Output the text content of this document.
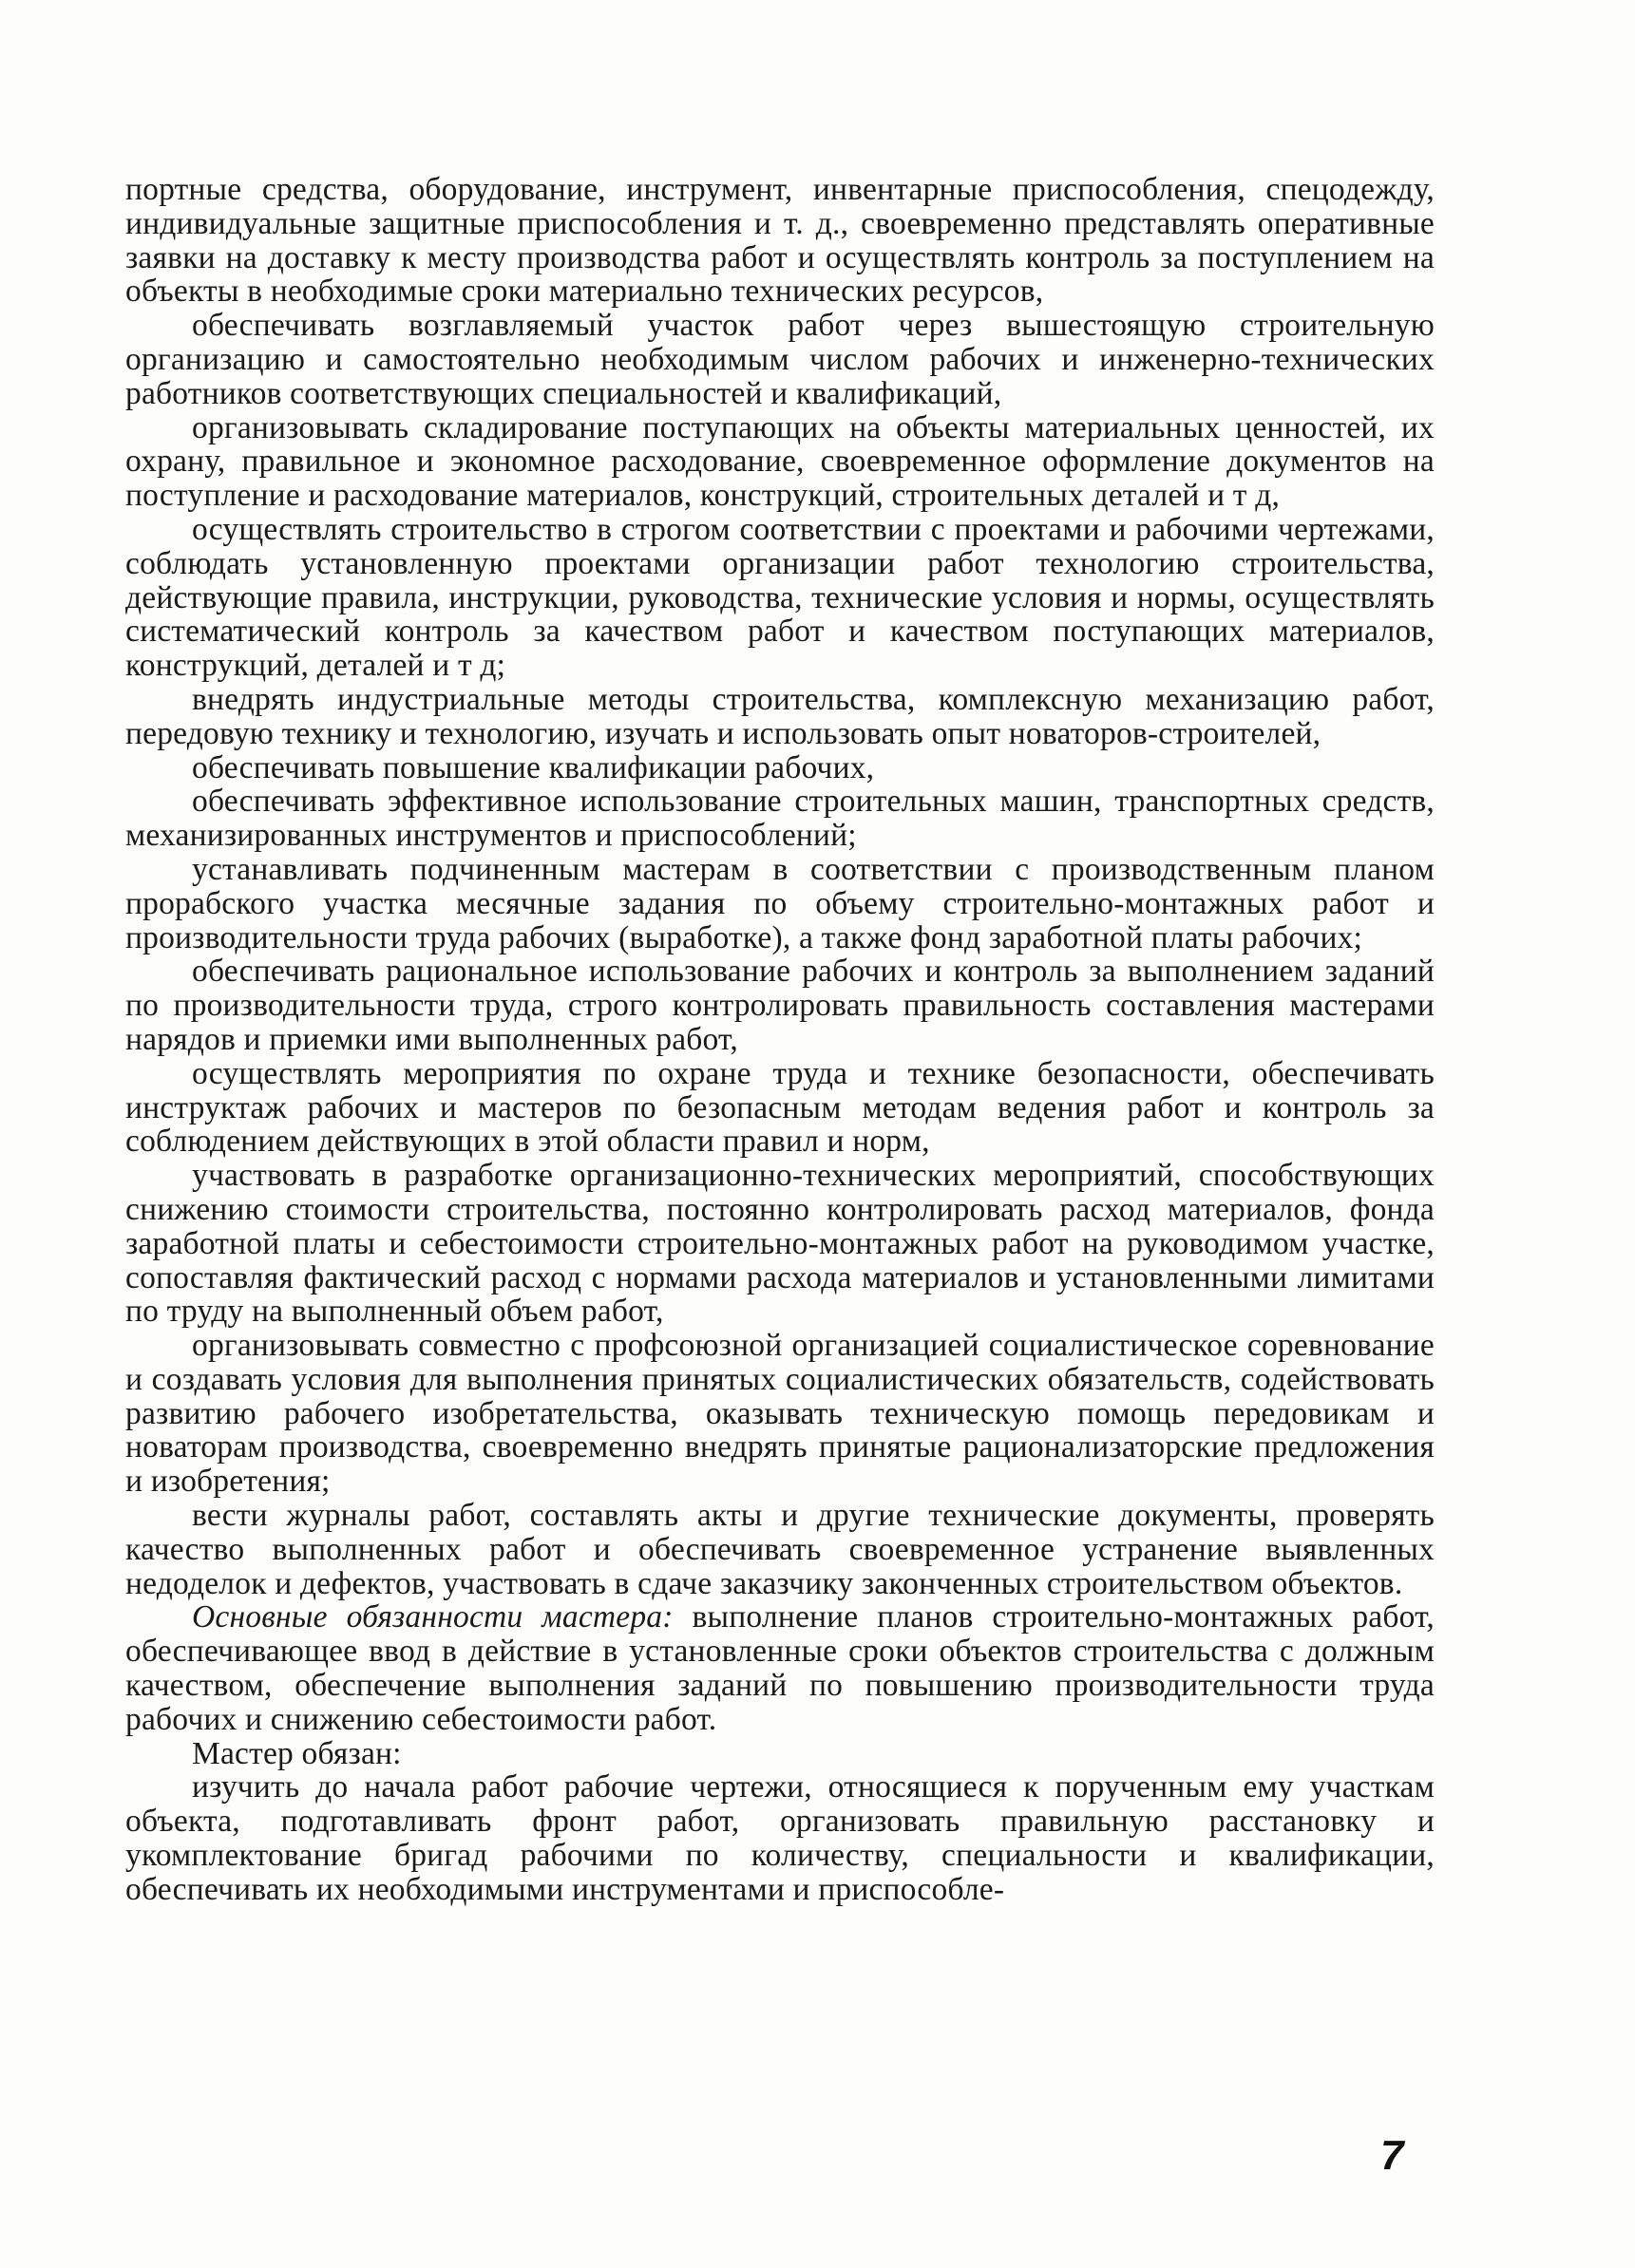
портные средства, оборудование, инструмент, инвентарные приспособления, спецодежду, индивидуальные защитные приспособления и т. д., своевременно представлять оперативные заявки на доставку к месту производства работ и осуществлять контроль за поступлением на объекты в необходимые сроки материально технических ресурсов,

обеспечивать возглавляемый участок работ через вышестоящую строительную организацию и самостоятельно необходимым числом рабочих и инженерно-технических работников соответствующих специальностей и квалификаций,

организовывать складирование поступающих на объекты материальных ценностей, их охрану, правильное и экономное расходование, своевременное оформление документов на поступление и расходование материалов, конструкций, строительных деталей и т д,

осуществлять строительство в строгом соответствии с проектами и рабочими чертежами, соблюдать установленную проектами организации работ технологию строительства, действующие правила, инструкции, руководства, технические условия и нормы, осуществлять систематический контроль за качеством работ и качеством поступающих материалов, конструкций, деталей и т д;

внедрять индустриальные методы строительства, комплексную механизацию работ, передовую технику и технологию, изучать и использовать опыт новаторов-строителей,

обеспечивать повышение квалификации рабочих,

обеспечивать эффективное использование строительных машин, транспортных средств, механизированных инструментов и приспособлений;

устанавливать подчиненным мастерам в соответствии с производственным планом прорабского участка месячные задания по объему строительно-монтажных работ и производительности труда рабочих (выработке), а также фонд заработной платы рабочих;

обеспечивать рациональное использование рабочих и контроль за выполнением заданий по производительности труда, строго контролировать правильность составления мастерами нарядов и приемки ими выполненных работ,

осуществлять мероприятия по охране труда и технике безопасности, обеспечивать инструктаж рабочих и мастеров по безопасным методам ведения работ и контроль за соблюдением действующих в этой области правил и норм,

участвовать в разработке организационно-технических мероприятий, способствующих снижению стоимости строительства, постоянно контролировать расход материалов, фонда заработной платы и себестоимости строительно-монтажных работ на руководимом участке, сопоставляя фактический расход с нормами расхода материалов и установленными лимитами по труду на выполненный объем работ,

организовывать совместно с профсоюзной организацией социалистическое соревнование и создавать условия для выполнения принятых социалистических обязательств, содействовать развитию рабочего изобретательства, оказывать техническую помощь передовикам и новаторам производства, своевременно внедрять принятые рационализаторские предложения и изобретения;

вести журналы работ, составлять акты и другие технические документы, проверять качество выполненных работ и обеспечивать своевременное устранение выявленных недоделок и дефектов, участвовать в сдаче заказчику законченных строительством объектов.

Основные обязанности мастера: выполнение планов строительно-монтажных работ, обеспечивающее ввод в действие в установленные сроки объектов строительства с должным качеством, обеспечение выполнения заданий по повышению производительности труда рабочих и снижению себестоимости работ.

Мастер обязан:

изучить до начала работ рабочие чертежи, относящиеся к порученным ему участкам объекта, подготавливать фронт работ, организовать правильную расстановку и укомплектование бригад рабочими по количеству, специальности и квалификации, обеспечивать их необходимыми инструментами и приспособле-

7
